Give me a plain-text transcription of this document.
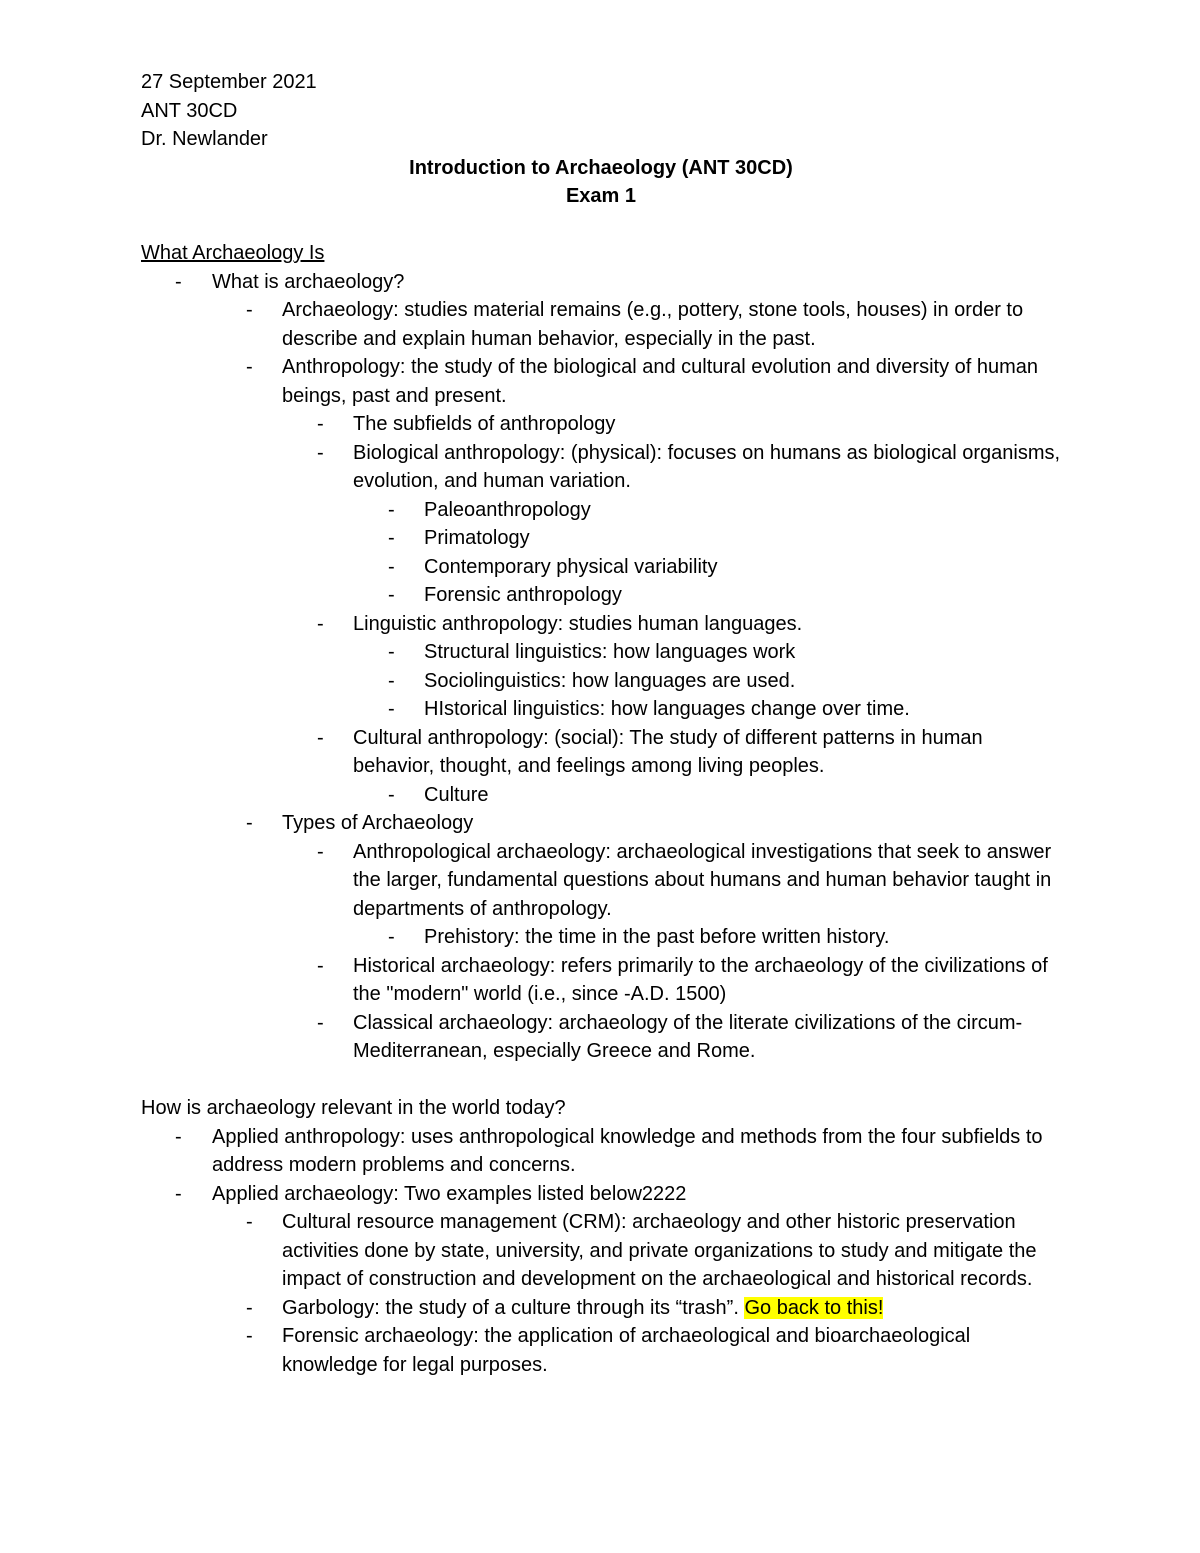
27 September 2021

ANT 30CD

Dr. Newlander

Introduction to Archaeology (ANT 30CD)

Exam 1

What Archaeology Is

- What is archaeology?
- Archaeology: studies material remains (e.g., pottery, stone tools, houses) in order to describe and explain human behavior, especially in the past.
- Anthropology: the study of the biological and cultural evolution and diversity of human beings, past and present.
- The subfields of anthropology
- Biological anthropology: (physical): focuses on humans as biological organisms, evolution, and human variation.
- Paleoanthropology
- Primatology
- Contemporary physical variability
- Forensic anthropology
- Linguistic anthropology: studies human languages.
- Structural linguistics: how languages work
- Sociolinguistics: how languages are used.
- HIstorical linguistics: how languages change over time.
- Cultural anthropology: (social): The study of different patterns in human behavior, thought, and feelings among living peoples.
- Culture
- Types of Archaeology
- Anthropological archaeology: archaeological investigations that seek to answer the larger, fundamental questions about humans and human behavior taught in departments of anthropology.
- Prehistory: the time in the past before written history.
- Historical archaeology: refers primarily to the archaeology of the civilizations of the "modern" world (i.e., since -A.D. 1500)
- Classical archaeology: archaeology of the literate civilizations of the circum-Mediterranean, especially Greece and Rome.

How is archaeology relevant in the world today?

- Applied anthropology: uses anthropological knowledge and methods from the four subfields to address modern problems and concerns.
- Applied archaeology: Two examples listed below2222
- Cultural resource management (CRM): archaeology and other historic preservation activities done by state, university, and private organizations to study and mitigate the impact of construction and development on the archaeological and historical records.
- Garbology: the study of a culture through its “trash”. Go back to this!
- Forensic archaeology: the application of archaeological and bioarchaeological knowledge for legal purposes.
